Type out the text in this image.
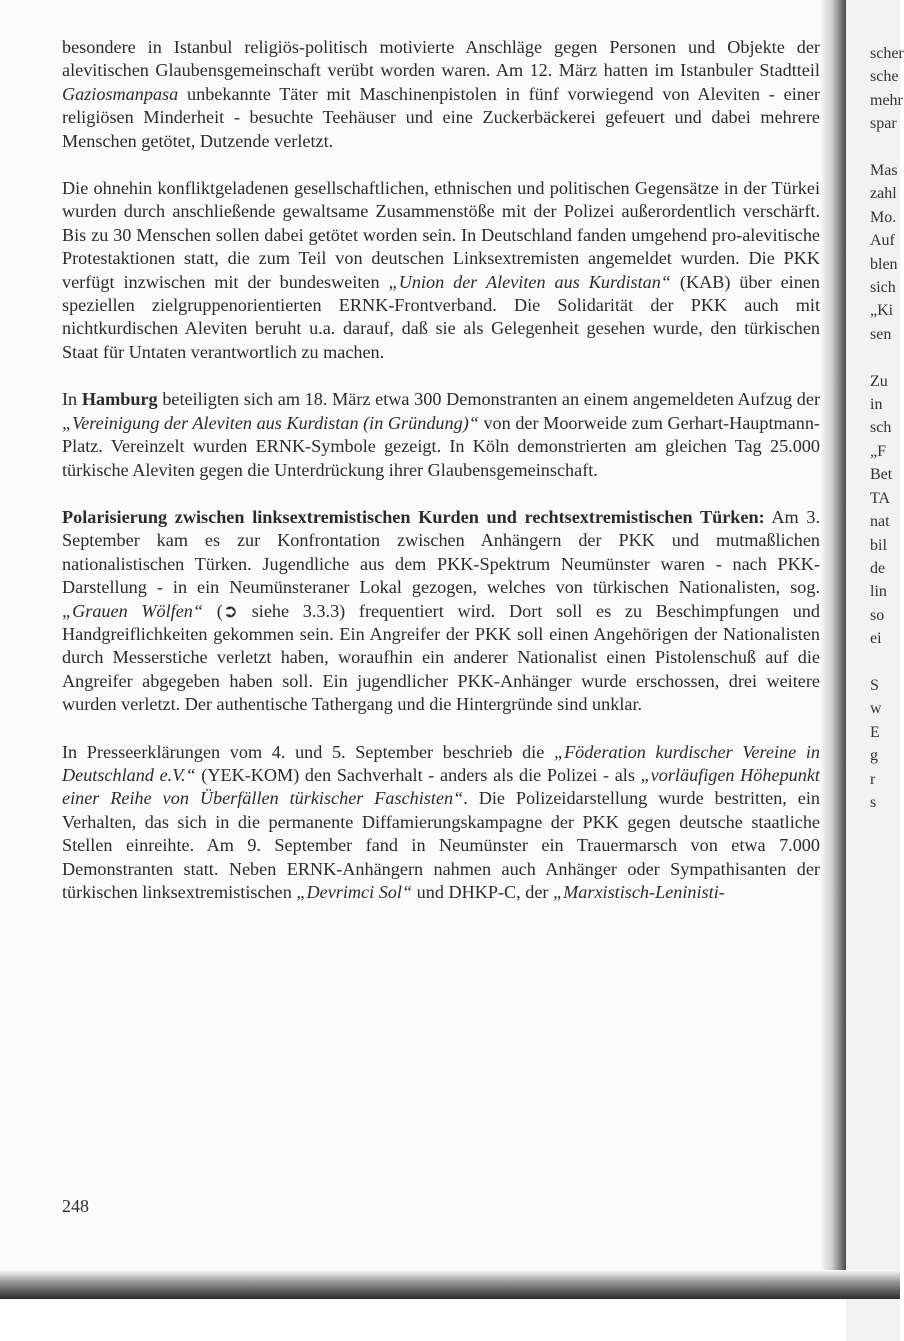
besondere in Istanbul religiös-politisch motivierte Anschläge gegen Personen und Objekte der alevitischen Glaubensgemeinschaft verübt worden waren. Am 12. März hatten im Istanbuler Stadtteil Gaziosmanpasa unbekannte Täter mit Maschinenpistolen in fünf vorwiegend von Aleviten - einer religiösen Minderheit - besuchte Teehäuser und eine Zuckerbäckerei gefeuert und dabei mehrere Menschen getötet, Dutzende verletzt.

Die ohnehin konfliktgeladenen gesellschaftlichen, ethnischen und politischen Gegensätze in der Türkei wurden durch anschließende gewaltsame Zusammenstöße mit der Polizei außerordentlich verschärft. Bis zu 30 Menschen sollen dabei getötet worden sein. In Deutschland fanden umgehend pro-alevitische Protestaktionen statt, die zum Teil von deutschen Linksextremisten angemeldet wurden. Die PKK verfügt inzwischen mit der bundesweiten „Union der Aleviten aus Kurdistan“ (KAB) über einen speziellen zielgruppenorientierten ERNK-Frontverband. Die Solidarität der PKK auch mit nichtkurdischen Aleviten beruht u.a. darauf, daß sie als Gelegenheit gesehen wurde, den türkischen Staat für Untaten verantwortlich zu machen.

In Hamburg beteiligten sich am 18. März etwa 300 Demonstranten an einem angemeldeten Aufzug der „Vereinigung der Aleviten aus Kurdistan (in Gründung)“ von der Moorweide zum Gerhart-Hauptmann-Platz. Vereinzelt wurden ERNK-Symbole gezeigt. In Köln demonstrierten am gleichen Tag 25.000 türkische Aleviten gegen die Unterdrückung ihrer Glaubensgemeinschaft.

Polarisierung zwischen linksextremistischen Kurden und rechtsextremistischen Türken: Am 3. September kam es zur Konfrontation zwischen Anhängern der PKK und mutmaßlichen nationalistischen Türken. Jugendliche aus dem PKK-Spektrum Neumünster waren - nach PKK-Darstellung - in ein Neumünsteraner Lokal gezogen, welches von türkischen Nationalisten, sog. „Grauen Wölfen“ (➲ siehe 3.3.3) frequentiert wird. Dort soll es zu Beschimpfungen und Handgreiflichkeiten gekommen sein. Ein Angreifer der PKK soll einen Angehörigen der Nationalisten durch Messerstiche verletzt haben, woraufhin ein anderer Nationalist einen Pistolenschuß auf die Angreifer abgegeben haben soll. Ein jugendlicher PKK-Anhänger wurde erschossen, drei weitere wurden verletzt. Der authentische Tathergang und die Hintergründe sind unklar.

In Presseerklärungen vom 4. und 5. September beschrieb die „Föderation kurdischer Vereine in Deutschland e.V.“ (YEK-KOM) den Sachverhalt - anders als die Polizei - als „vorläufigen Höhepunkt einer Reihe von Überfällen türkischer Faschisten“. Die Polizeidarstellung wurde bestritten, ein Verhalten, das sich in die permanente Diffamierungskampagne der PKK gegen deutsche staatliche Stellen einreihte. Am 9. September fand in Neumünster ein Trauermarsch von etwa 7.000 Demonstranten statt. Neben ERNK-Anhängern nahmen auch Anhänger oder Sympathisanten der türkischen linksextremistischen „Devrimci Sol“ und DHKP-C, der „Marxistisch-Leninisti-

248
scher
sche
mehr
spar
Mas
zahl
Mo.
Auf
blen
sich
„Ki
sen
Zu
in
sch
„F
Bet
TA
nat
bil
de
lin
so
ei
S
w
E
g
r
s
